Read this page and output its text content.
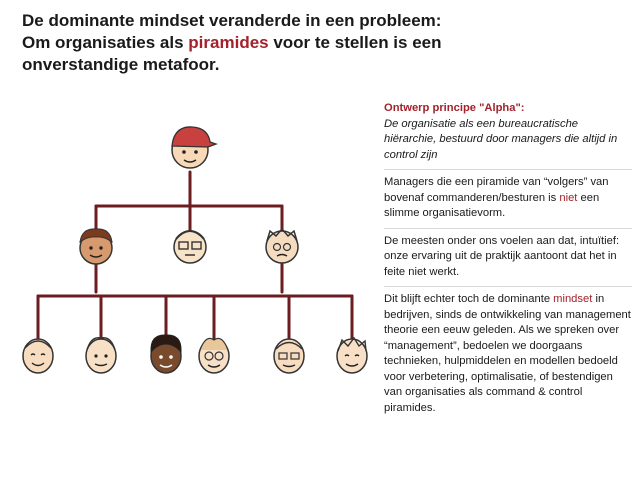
De dominante mindset veranderde in een probleem:
Om organisaties als piramides voor te stellen is een
onverstandige metafoor.
Ontwerp principe "Alpha":

De organisatie als een bureaucratische hiërarchie, bestuurd door managers die altijd in control zijn

Managers die een piramide van “volgers” van bovenaf commanderen/besturen is niet een slimme organisatievorm.

De meesten onder ons voelen aan dat, intuïtief: onze ervaring uit de praktijk aantoont dat het in feite niet werkt.

Dit blijft echter toch de dominante mindset in bedrijven, sinds de ontwikkeling van management theorie een eeuw geleden. Als we spreken over “management”, bedoelen we doorgaans technieken, hulpmiddelen en modellen bedoeld voor verbetering, optimalisatie, of bestendigen van organisaties als command & control piramides.
